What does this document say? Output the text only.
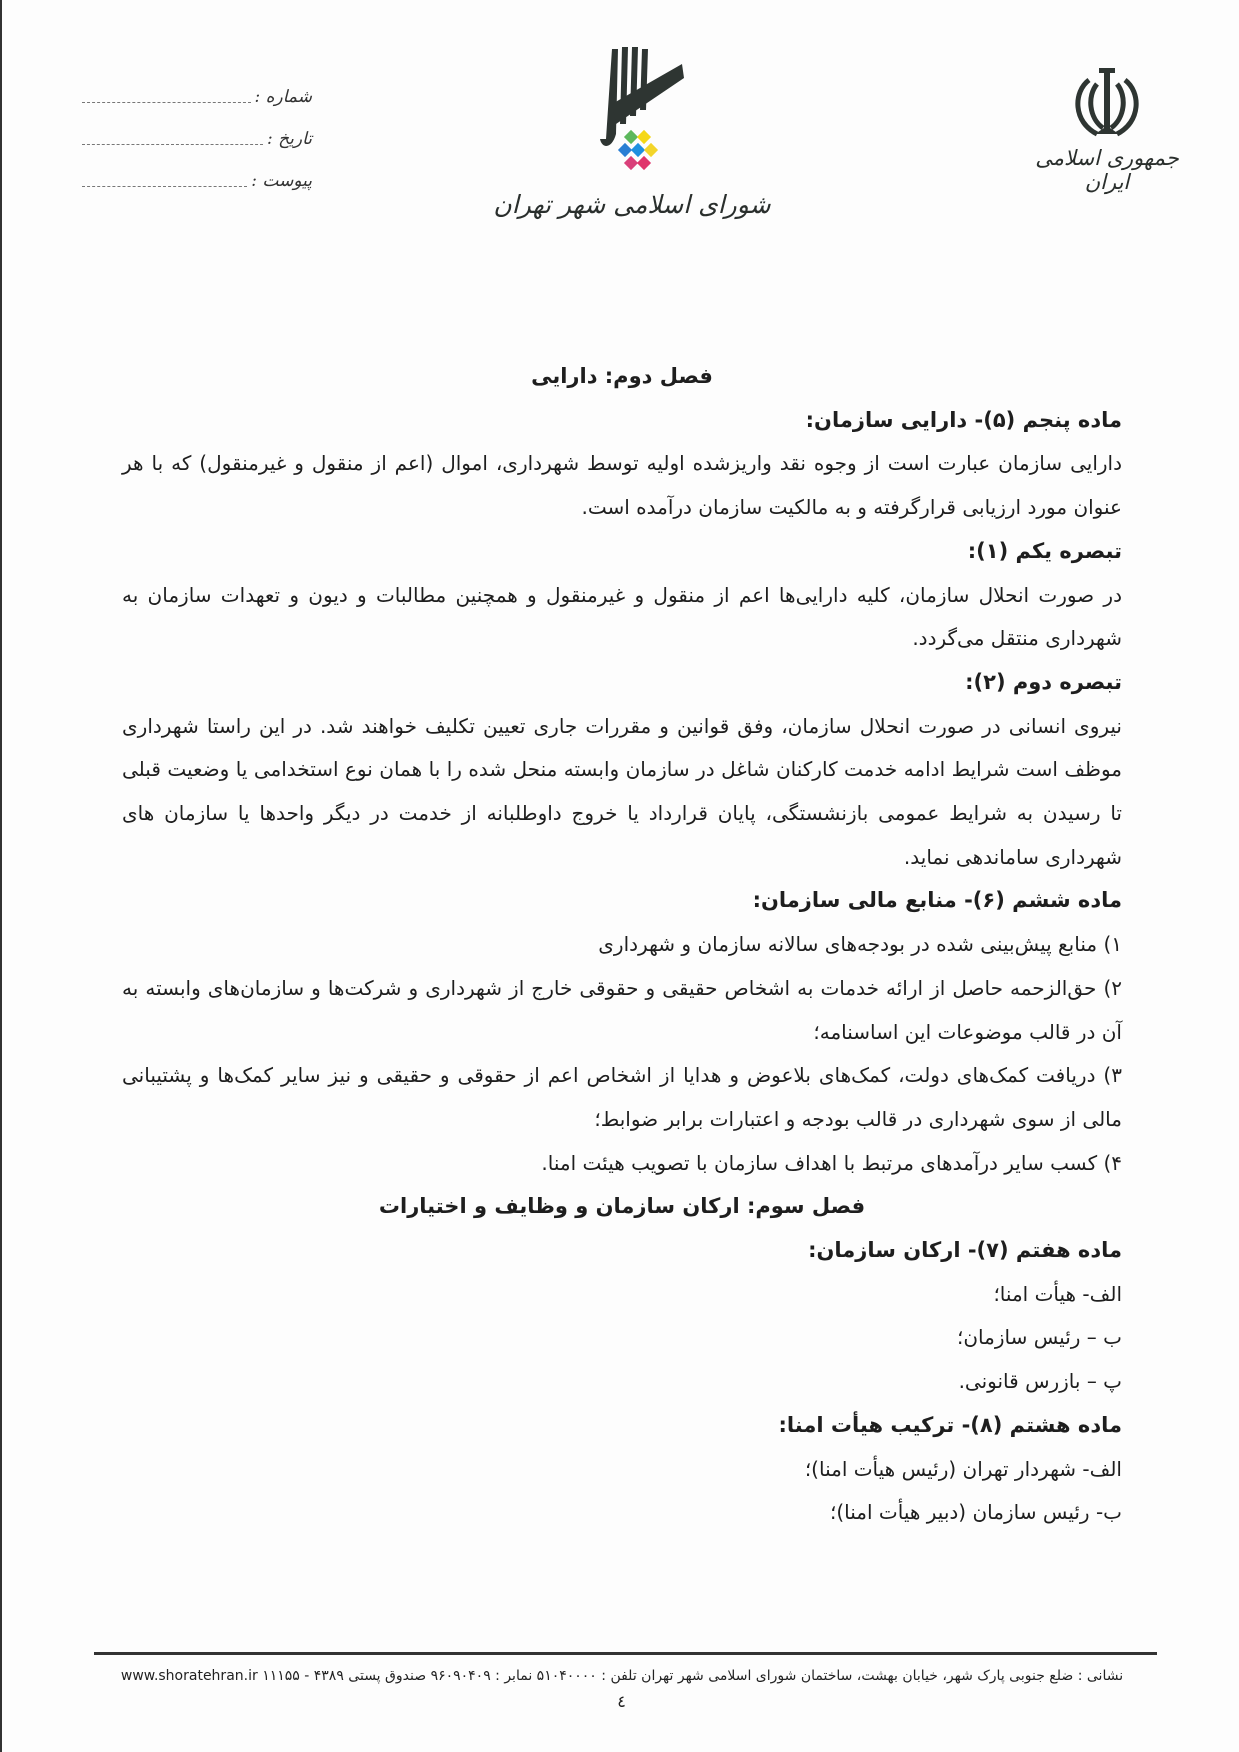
جمهوری اسلامی ایران
شورای اسلامی شهر تهران
شماره :
تاریخ :
پیوست :
فصل دوم: دارایی
ماده پنجم (۵)- دارایی سازمان:

دارایی سازمان عبارت است از وجوه نقد واریزشده اولیه توسط شهرداری، اموال (اعم از منقول و غیرمنقول) که با هر عنوان مورد ارزیابی قرارگرفته و به مالکیت سازمان درآمده است.

تبصره یکم (۱):

در صورت انحلال سازمان، کلیه دارایی‌ها اعم از منقول و غیرمنقول و همچنین مطالبات و دیون و تعهدات سازمان به شهرداری منتقل می‌گردد.

تبصره دوم (۲):

نیروی انسانی در صورت انحلال سازمان، وفق قوانین و مقررات جاری تعیین تکلیف خواهند شد. در این راستا شهرداری موظف است شرایط ادامه خدمت کارکنان شاغل در سازمان وابسته منحل شده را با همان نوع استخدامی یا وضعیت قبلی تا رسیدن به شرایط عمومی بازنشستگی، پایان قرارداد یا خروج داوطلبانه از خدمت در دیگر واحدها یا سازمان های شهرداری ساماندهی نماید.

ماده ششم (۶)- منابع مالی سازمان:

۱) منابع پیش‌بینی شده در بودجه‌های سالانه سازمان و شهرداری

۲) حق‌الزحمه حاصل از ارائه خدمات به اشخاص حقیقی و حقوقی خارج از شهرداری و شرکت‌ها و سازمان‌های وابسته به آن در قالب موضوعات این اساسنامه؛

۳) دریافت کمک‌های دولت، کمک‌های بلاعوض و هدایا از اشخاص اعم از حقوقی و حقیقی و نیز سایر کمک‌ها و پشتیبانی مالی از سوی شهرداری در قالب بودجه و اعتبارات برابر ضوابط؛

۴) کسب سایر درآمدهای مرتبط با اهداف سازمان با تصویب هیئت امنا.

فصل سوم: ارکان سازمان و وظایف و اختیارات
ماده هفتم (۷)- ارکان سازمان:

الف- هیأت امنا؛

ب – رئیس سازمان؛

پ – بازرس قانونی.

ماده هشتم (۸)- ترکیب هیأت امنا:

الف- شهردار تهران (رئیس هیأت امنا)؛

ب- رئیس سازمان (دبیر هیأت امنا)؛

نشانی : ضلع جنوبی پارک شهر، خیابان بهشت، ساختمان شورای اسلامی شهر تهران تلفن : ۵۱۰۴۰۰۰۰ نمابر : ۹۶۰۹۰۴۰۹ صندوق پستی ۴۳۸۹ - ۱۱۱۵۵ www.shoratehran.ir
٤
